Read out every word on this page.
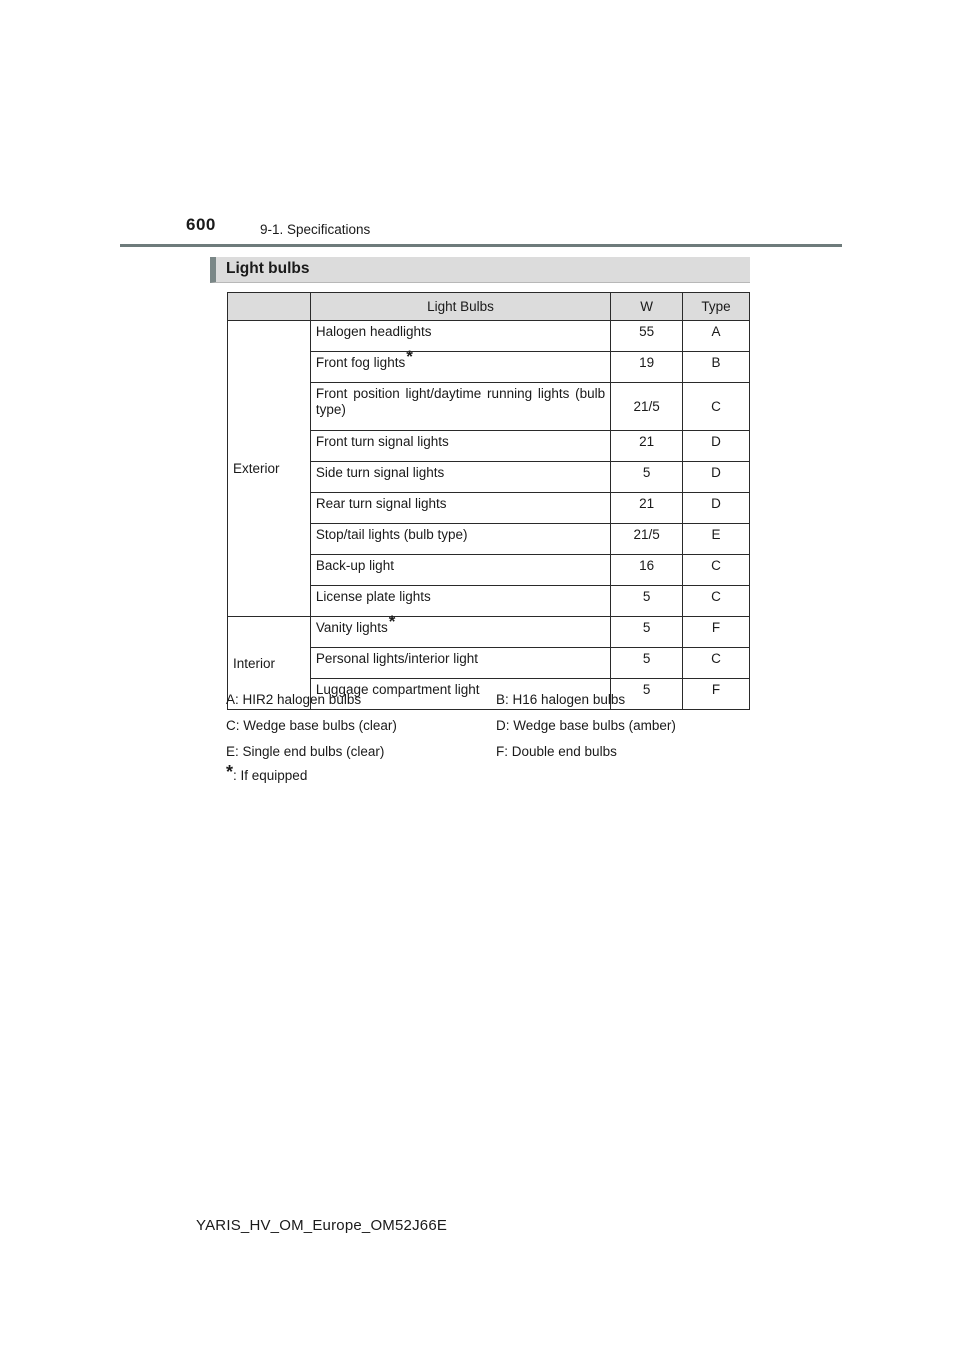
600	9-1. Specifications
Light bulbs
	Light Bulbs	W	Type
Exterior	Halogen headlights	55	A
	Front fog lights*	19	B
	Front position light/daytime running lights (bulb type)	21/5	C
	Front turn signal lights	21	D
	Side turn signal lights	5	D
	Rear turn signal lights	21	D
	Stop/tail lights (bulb type)	21/5	E
	Back-up light	16	C
	License plate lights	5	C
Interior	Vanity lights*	5	F
	Personal lights/interior light	5	C
	Luggage compartment light	5	F
A: HIR2 halogen bulbs	B: H16 halogen bulbs
C: Wedge base bulbs (clear)	D: Wedge base bulbs (amber)
E: Single end bulbs (clear)	F: Double end bulbs
*: If equipped
YARIS_HV_OM_Europe_OM52J66E
